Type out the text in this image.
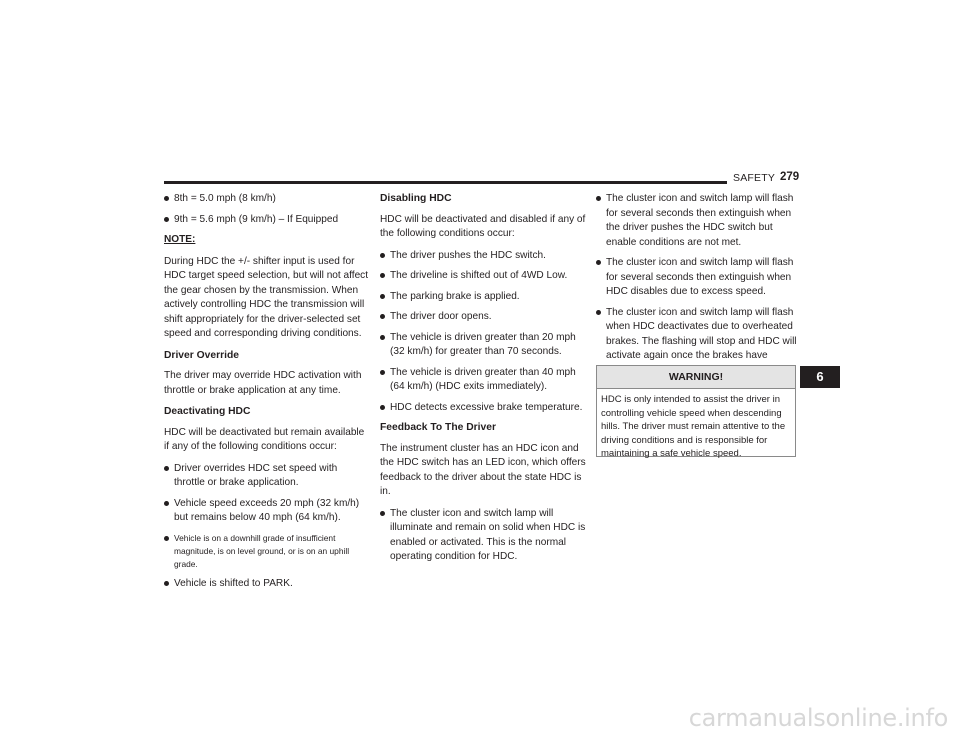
SAFETY 279
8th = 5.0 mph (8 km/h)
9th = 5.6 mph (9 km/h) – If Equipped

NOTE:

During HDC the +/- shifter input is used for HDC target speed selection, but will not affect the gear chosen by the transmission. When actively controlling HDC the transmission will shift appropriately for the driver-selected set speed and corresponding driving conditions.

Driver Override

The driver may override HDC activation with throttle or brake application at any time.

Deactivating HDC

HDC will be deactivated but remain available if any of the following conditions occur:

Driver overrides HDC set speed with throttle or brake application.
Vehicle speed exceeds 20 mph (32 km/h) but remains below 40 mph (64 km/h).
Vehicle is on a downhill grade of insufficient magnitude, is on level ground, or is on an uphill grade.
Vehicle is shifted to PARK.
Disabling HDC

HDC will be deactivated and disabled if any of the following conditions occur:

The driver pushes the HDC switch.
The driveline is shifted out of 4WD Low.
The parking brake is applied.
The driver door opens.
The vehicle is driven greater than 20 mph (32 km/h) for greater than 70 seconds.
The vehicle is driven greater than 40 mph (64 km/h) (HDC exits immediately).
HDC detects excessive brake temperature.
Feedback To The Driver

The instrument cluster has an HDC icon and the HDC switch has an LED icon, which offers feedback to the driver about the state HDC is in.

The cluster icon and switch lamp will illuminate and remain on solid when HDC is enabled or activated. This is the normal operating condition for HDC.
The cluster icon and switch lamp will flash for several seconds then extinguish when the driver pushes the HDC switch but enable conditions are not met.
The cluster icon and switch lamp will flash for several seconds then extinguish when HDC disables due to excess speed.
The cluster icon and switch lamp will flash when HDC deactivates due to overheated brakes. The flashing will stop and HDC will activate again once the brakes have
WARNING!
HDC is only intended to assist the driver in controlling vehicle speed when descending hills. The driver must remain attentive to the driving conditions and is responsible for maintaining a safe vehicle speed.
6
carmanualsonline.info
